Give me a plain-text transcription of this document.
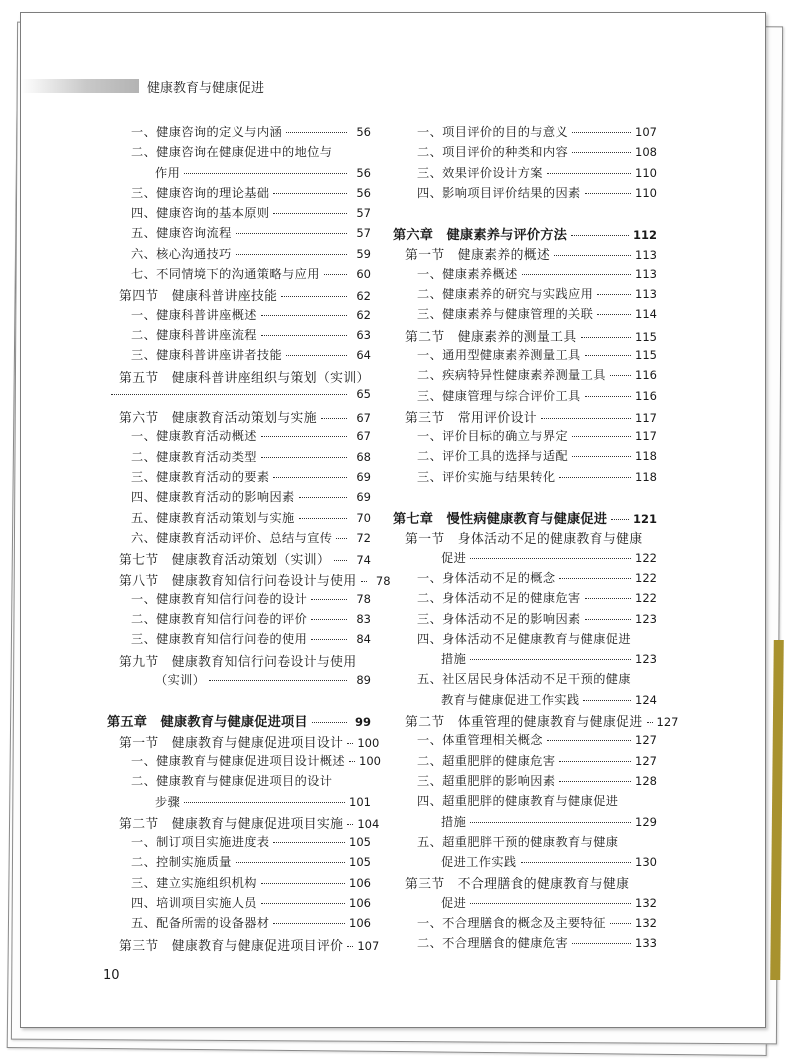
健康教育与健康促进
一、健康咨询的定义与内涵	56
二、健康咨询在健康促进中的地位与
作用	56
三、健康咨询的理论基础	56
四、健康咨询的基本原则	57
五、健康咨询流程	57
六、核心沟通技巧	59
七、不同情境下的沟通策略与应用	60
第四节　健康科普讲座技能	62
一、健康科普讲座概述	62
二、健康科普讲座流程	63
三、健康科普讲座讲者技能	64
第五节　健康科普讲座组织与策划（实训）
65
第六节　健康教育活动策划与实施	67
一、健康教育活动概述	67
二、健康教育活动类型	68
三、健康教育活动的要素	69
四、健康教育活动的影响因素	69
五、健康教育活动策划与实施	70
六、健康教育活动评价、总结与宣传	72
第七节　健康教育活动策划（实训）	74
第八节　健康教育知信行问卷设计与使用	78
一、健康教育知信行问卷的设计	78
二、健康教育知信行问卷的评价	83
三、健康教育知信行问卷的使用	84
第九节　健康教育知信行问卷设计与使用
（实训）	89
第五章　健康教育与健康促进项目	99
第一节　健康教育与健康促进项目设计 100
一、健康教育与健康促进项目设计概述 100
二、健康教育与健康促进项目的设计
步骤	101
第二节　健康教育与健康促进项目实施 104
一、制订项目实施进度表	105
二、控制实施质量	105
三、建立实施组织机构	106
四、培训项目实施人员	106
五、配备所需的设备器材	106
第三节　健康教育与健康促进项目评价 107
一、项目评价的目的与意义	107
二、项目评价的种类和内容	108
三、效果评价设计方案	110
四、影响项目评价结果的因素	110
第六章　健康素养与评价方法	112
第一节　健康素养的概述	113
一、健康素养概述	113
二、健康素养的研究与实践应用	113
三、健康素养与健康管理的关联	114
第二节　健康素养的测量工具	115
一、通用型健康素养测量工具	115
二、疾病特异性健康素养测量工具	116
三、健康管理与综合评价工具	116
第三节　常用评价设计	117
一、评价目标的确立与界定	117
二、评价工具的选择与适配	118
三、评价实施与结果转化	118
第七章　慢性病健康教育与健康促进 121
第一节　身体活动不足的健康教育与健康
促进	122
一、身体活动不足的概念	122
二、身体活动不足的健康危害	122
三、身体活动不足的影响因素	123
四、身体活动不足健康教育与健康促进
措施	123
五、社区居民身体活动不足干预的健康
教育与健康促进工作实践	124
第二节　体重管理的健康教育与健康促进 127
一、体重管理相关概念	127
二、超重肥胖的健康危害	127
三、超重肥胖的影响因素	128
四、超重肥胖的健康教育与健康促进
措施	129
五、超重肥胖干预的健康教育与健康
促进工作实践	130
第三节　不合理膳食的健康教育与健康
促进	132
一、不合理膳食的概念及主要特征	132
二、不合理膳食的健康危害	133
10
